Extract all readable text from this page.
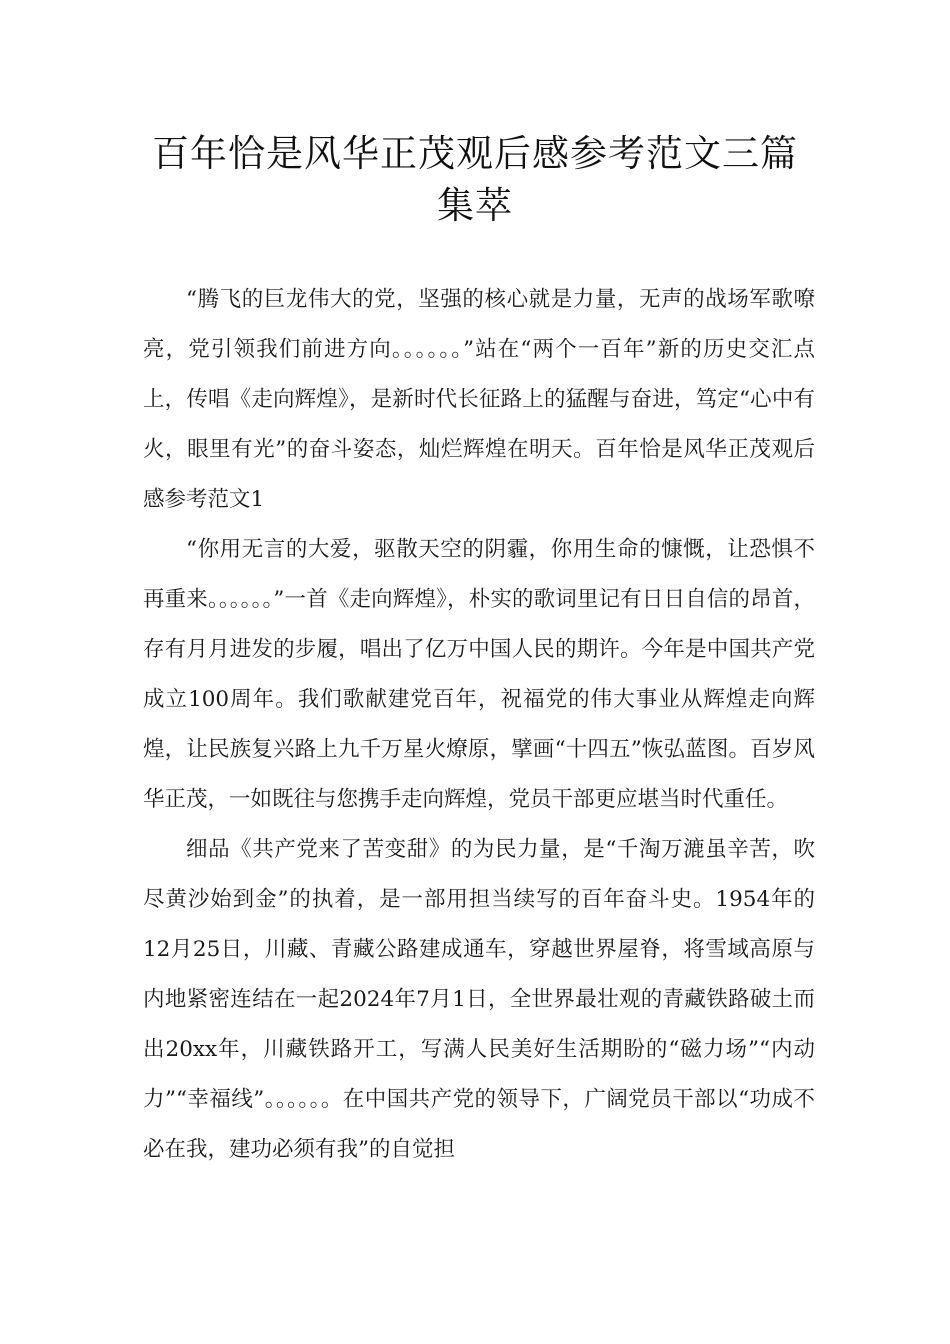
百年恰是风华正茂观后感参考范文三篇集萃

“腾飞的巨龙伟大的党，坚强的核心就是力量，无声的战场军歌嘹亮，党引领我们前进方向。。。。。。”站在“两个一百年”新的历史交汇点上，传唱《走向辉煌》，是新时代长征路上的猛醒与奋进，笃定“心中有火，眼里有光”的奋斗姿态，灿烂辉煌在明天。百年恰是风华正茂观后感参考范文1

“你用无言的大爱，驱散天空的阴霾，你用生命的慷慨，让恐惧不再重来。。。。。。”一首《走向辉煌》，朴实的歌词里记有日日自信的昂首，存有月月进发的步履，唱出了亿万中国人民的期许。今年是中国共产党成立100周年。我们歌献建党百年，祝福党的伟大事业从辉煌走向辉煌，让民族复兴路上九千万星火燎原，擘画“十四五”恢弘蓝图。百岁风华正茂，一如既往与您携手走向辉煌，党员干部更应堪当时代重任。

细品《共产党来了苦变甜》的为民力量，是“千淘万漉虽辛苦，吹尽黄沙始到金”的执着，是一部用担当续写的百年奋斗史。1954年的12月25日，川藏、青藏公路建成通车，穿越世界屋脊，将雪域高原与内地紧密连结在一起2024年7月1日，全世界最壮观的青藏铁路破土而出20xx年，川藏铁路开工，写满人民美好生活期盼的“磁力场”“内动力”“幸福线”。。。。。。在中国共产党的领导下，广阔党员干部以“功成不必在我，建功必须有我”的自觉担
